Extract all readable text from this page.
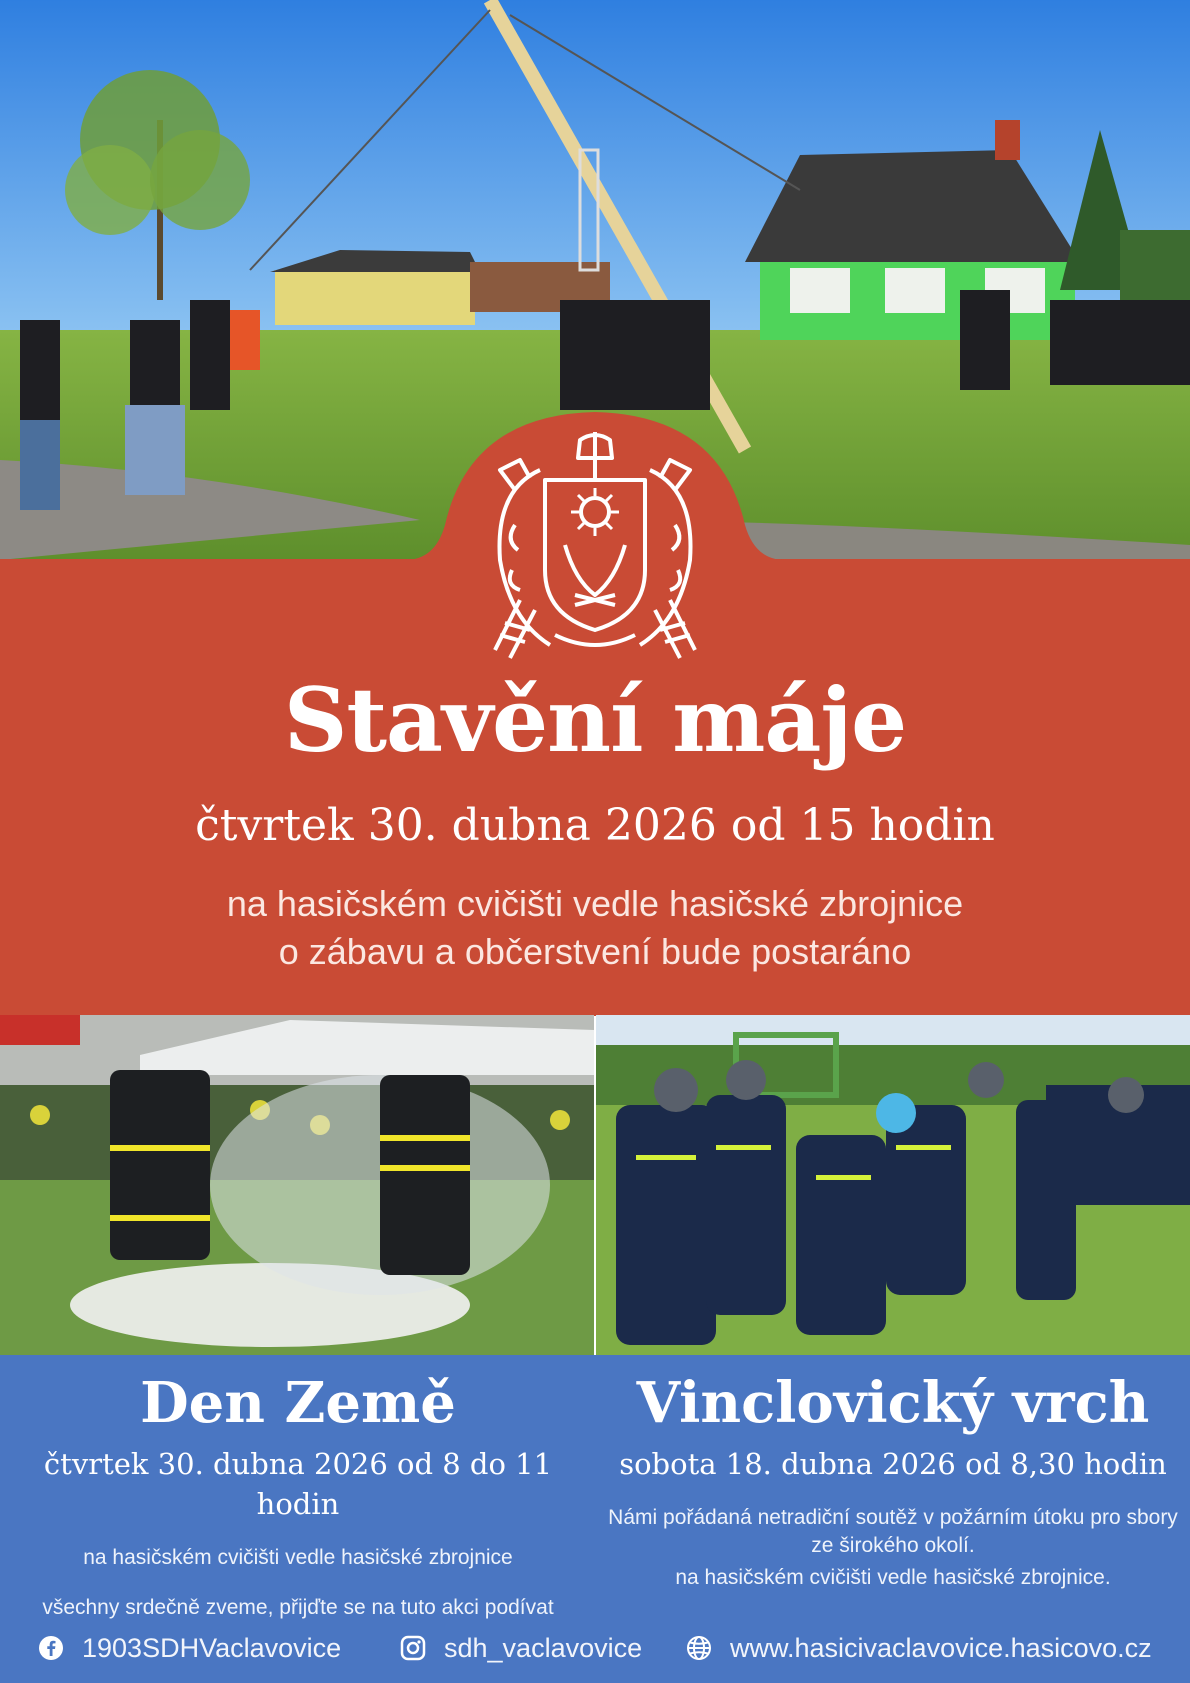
Stavění máje
čtvrtek 30. dubna 2026 od 15 hodin
na hasičském cvičišti vedle hasičské zbrojnice
o zábavu a občerstvení bude postaráno
Den Země
čtvrtek 30. dubna 2026 od 8 do 11 hodin
na hasičském cvičišti vedle hasičské zbrojnice
všechny srdečně zveme, přijďte se na tuto akci podívat
Vinclovický vrch
sobota 18. dubna 2026 od 8,30 hodin
Námi pořádaná netradiční soutěž v požárním útoku pro sbory
ze širokého okolí.
na hasičském cvičišti vedle hasičské zbrojnice.
1903SDHVaclavovice	sdh_vaclavovice	www.hasicivaclavovice.hasicovo.cz
